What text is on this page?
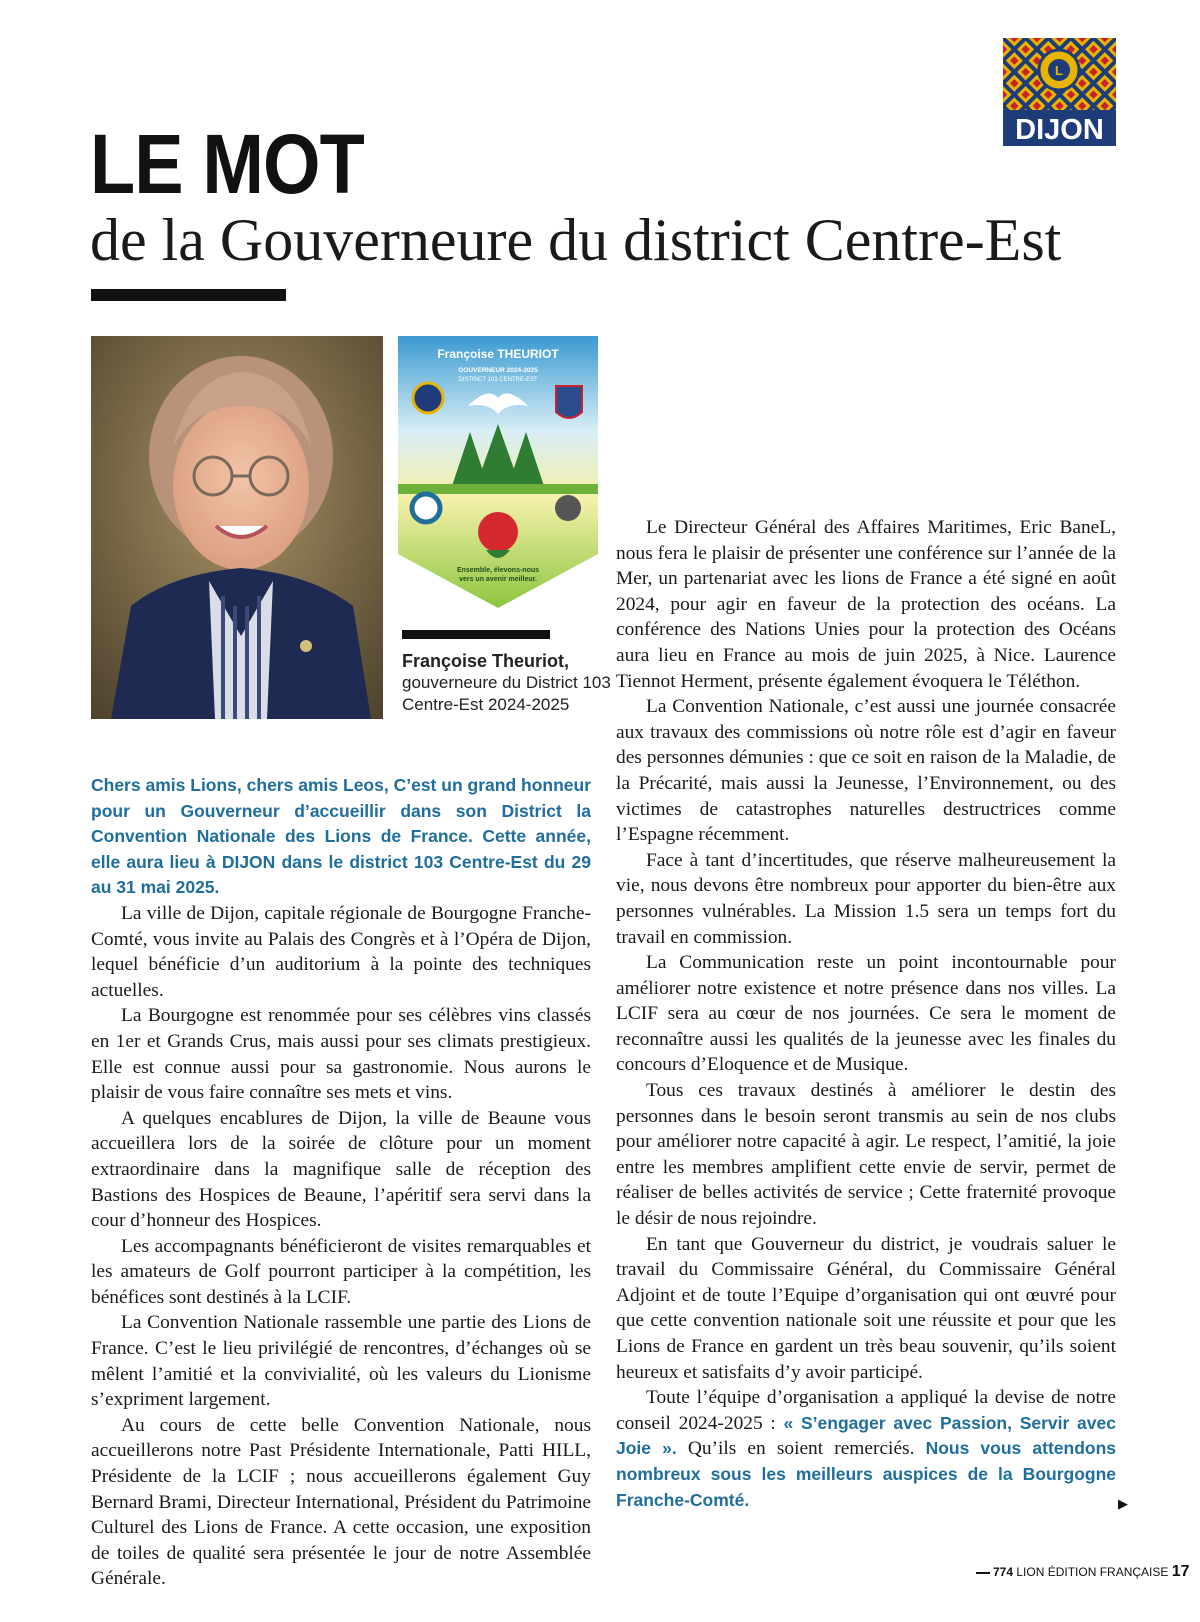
L
DIJON
LE MOT
de la Gouverneure du district Centre-Est
Françoise THEURIOT
GOUVERNEUR 2024-2025
DISTRICT 103 CENTRE-EST
Ensemble, élevons-nous
vers un avenir meilleur.
Françoise Theuriot,
gouverneure du District 103
Centre-Est 2024-2025

Chers amis Lions, chers amis Leos, C’est un grand honneur pour un Gouverneur d’accueillir dans son District la Convention Nationale des Lions de France. Cette année, elle aura lieu à DIJON dans le district 103 Centre-Est du 29 au 31 mai 2025.

La ville de Dijon, capitale régionale de Bourgogne Franche-Comté, vous invite au Palais des Congrès et à l’Opéra de Dijon, lequel bénéficie d’un auditorium à la pointe des techniques actuelles.

La Bourgogne est renommée pour ses célèbres vins classés en 1er et Grands Crus, mais aussi pour ses climats prestigieux. Elle est connue aussi pour sa gastronomie. Nous aurons le plaisir de vous faire connaître ses mets et vins.

A quelques encablures de Dijon, la ville de Beaune vous accueillera lors de la soirée de clôture pour un moment extraordinaire dans la magnifique salle de réception des Bastions des Hospices de Beaune, l’apéritif sera servi dans la cour d’honneur des Hospices.

Les accompagnants bénéficieront de visites remarquables et les amateurs de Golf pourront participer à la compétition, les bénéfices sont destinés à la LCIF.

La Convention Nationale rassemble une partie des Lions de France. C’est le lieu privilégié de rencontres, d’échanges où se mêlent l’amitié et la convivialité, où les valeurs du Lionisme s’expriment largement.

Au cours de cette belle Convention Nationale, nous accueillerons notre Past Présidente Internationale, Patti HILL, Présidente de la LCIF ; nous accueillerons également Guy Bernard Brami, Directeur International, Président du Patrimoine Culturel des Lions de France. A cette occasion, une exposition de toiles de qualité sera présentée le jour de notre Assemblée Générale.

Le Directeur Général des Affaires Maritimes, Eric BaneL, nous fera le plaisir de présenter une conférence sur l’année de la Mer, un partenariat avec les lions de France a été signé en août 2024, pour agir en faveur de la protection des océans. La conférence des Nations Unies pour la protection des Océans aura lieu en France au mois de juin 2025, à Nice. Laurence Tiennot Herment, présente également évoquera le Téléthon.

La Convention Nationale, c’est aussi une journée consacrée aux travaux des commissions où notre rôle est d’agir en faveur des personnes démunies : que ce soit en raison de la Maladie, de la Précarité, mais aussi la Jeunesse, l’Environnement, ou des victimes de catastrophes naturelles destructrices comme l’Espagne récemment.

Face à tant d’incertitudes, que réserve malheureusement la vie, nous devons être nombreux pour apporter du bien-être aux personnes vulnérables. La Mission 1.5 sera un temps fort du travail en commission.

La Communication reste un point incontournable pour améliorer notre existence et notre présence dans nos villes. La LCIF sera au cœur de nos journées. Ce sera le moment de reconnaître aussi les qualités de la jeunesse avec les finales du concours d’Eloquence et de Musique.

Tous ces travaux destinés à améliorer le destin des personnes dans le besoin seront transmis au sein de nos clubs pour améliorer notre capacité à agir. Le respect, l’amitié, la joie entre les membres amplifient cette envie de servir, permet de réaliser de belles activités de service ; Cette fraternité provoque le désir de nous rejoindre.

En tant que Gouverneur du district, je voudrais saluer le travail du Commissaire Général, du Commissaire Général Adjoint et de toute l’Equipe d’organisation qui ont œuvré pour que cette convention nationale soit une réussite et pour que les Lions de France en gardent un très beau souvenir, qu’ils soient heureux et satisfaits d’y avoir participé.

Toute l’équipe d’organisation a appliqué la devise de notre conseil 2024-2025 : « S’engager avec Passion, Servir avec Joie ». Qu’ils en soient remerciés. Nous vous attendons nombreux sous les meilleurs auspices de la Bourgogne Franche-Comté.	▶
774 LION ÉDITION FRANÇAISE 17
